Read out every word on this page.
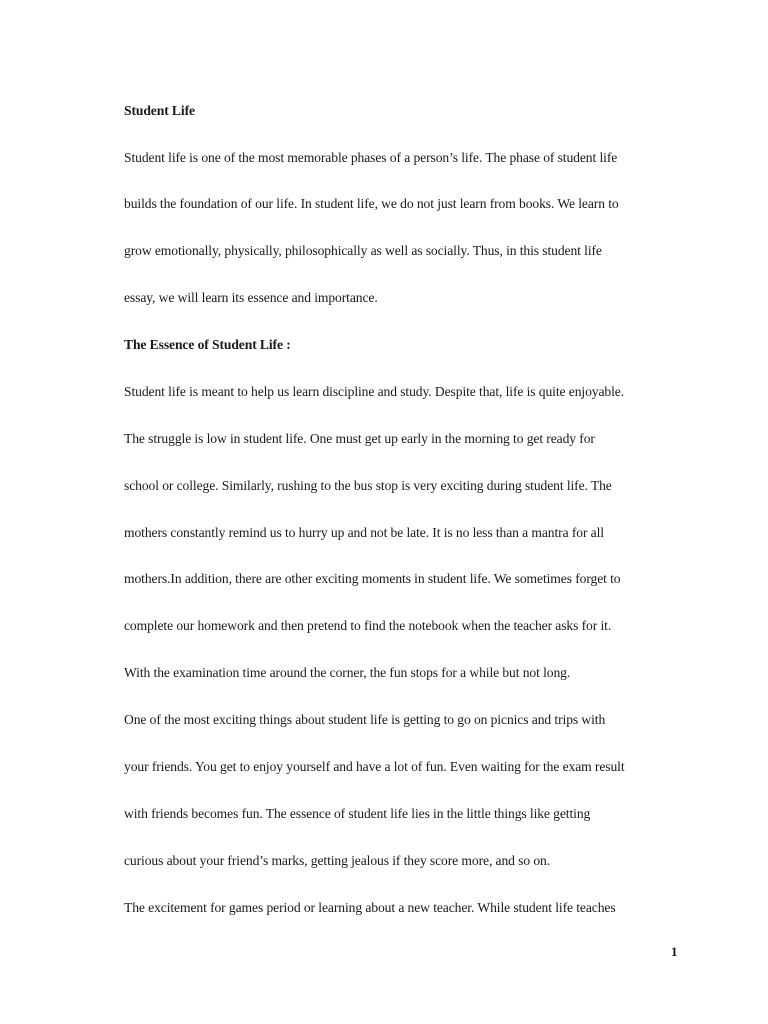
Student Life
Student life is one of the most memorable phases of a person’s life. The phase of student life
builds the foundation of our life. In student life, we do not just learn from books. We learn to
grow emotionally, physically, philosophically as well as socially. Thus, in this student life
essay, we will learn its essence and importance.
The Essence of Student Life :
Student life is meant to help us learn discipline and study. Despite that, life is quite enjoyable.
The struggle is low in student life. One must get up early in the morning to get ready for
school or college. Similarly, rushing to the bus stop is very exciting during student life. The
mothers constantly remind us to hurry up and not be late. It is no less than a mantra for all
mothers.In addition, there are other exciting moments in student life. We sometimes forget to
complete our homework and then pretend to find the notebook when the teacher asks for it.
With the examination time around the corner, the fun stops for a while but not long.
One of the most exciting things about student life is getting to go on picnics and trips with
your friends. You get to enjoy yourself and have a lot of fun. Even waiting for the exam result
with friends becomes fun. The essence of student life lies in the little things like getting
curious about your friend’s marks, getting jealous if they score more, and so on.
The excitement for games period or learning about a new teacher. While student life teaches
1
